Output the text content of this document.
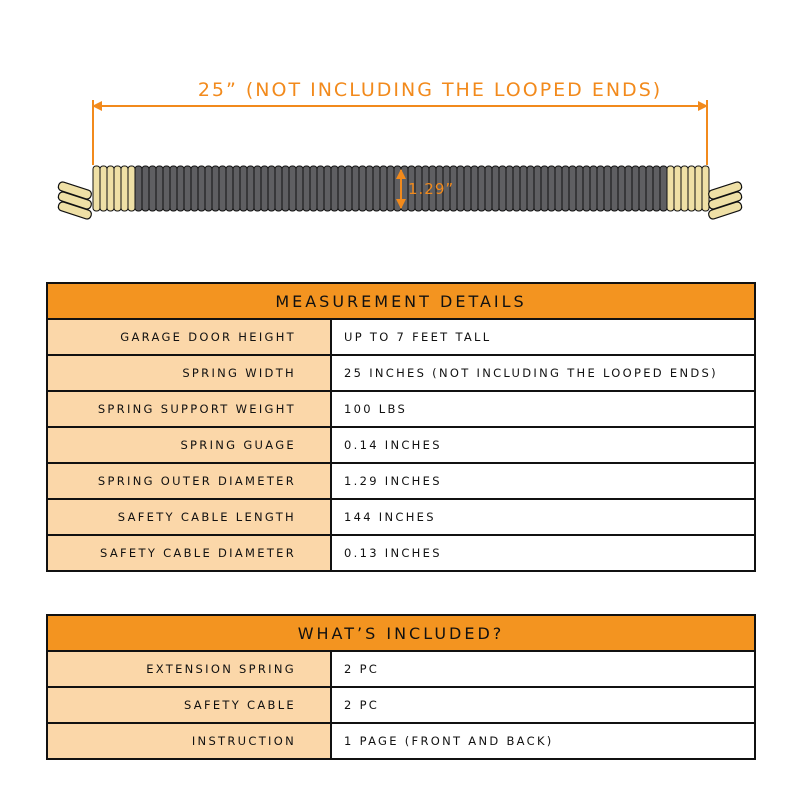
25” (NOT INCLUDING THE LOOPED ENDS)
1.29”
MEASUREMENT DETAILS	
GARAGE DOOR HEIGHT	UP TO 7 FEET TALL
SPRING WIDTH	25 INCHES (NOT INCLUDING THE LOOPED ENDS)
SPRING SUPPORT WEIGHT	100 LBS
SPRING GUAGE	0.14 INCHES
SPRING OUTER DIAMETER	1.29 INCHES
SAFETY CABLE LENGTH	144 INCHES
SAFETY CABLE DIAMETER	0.13 INCHES
WHAT’S INCLUDED?	
EXTENSION SPRING	2 PC
SAFETY CABLE	2 PC
INSTRUCTION	1 PAGE (FRONT AND BACK)
